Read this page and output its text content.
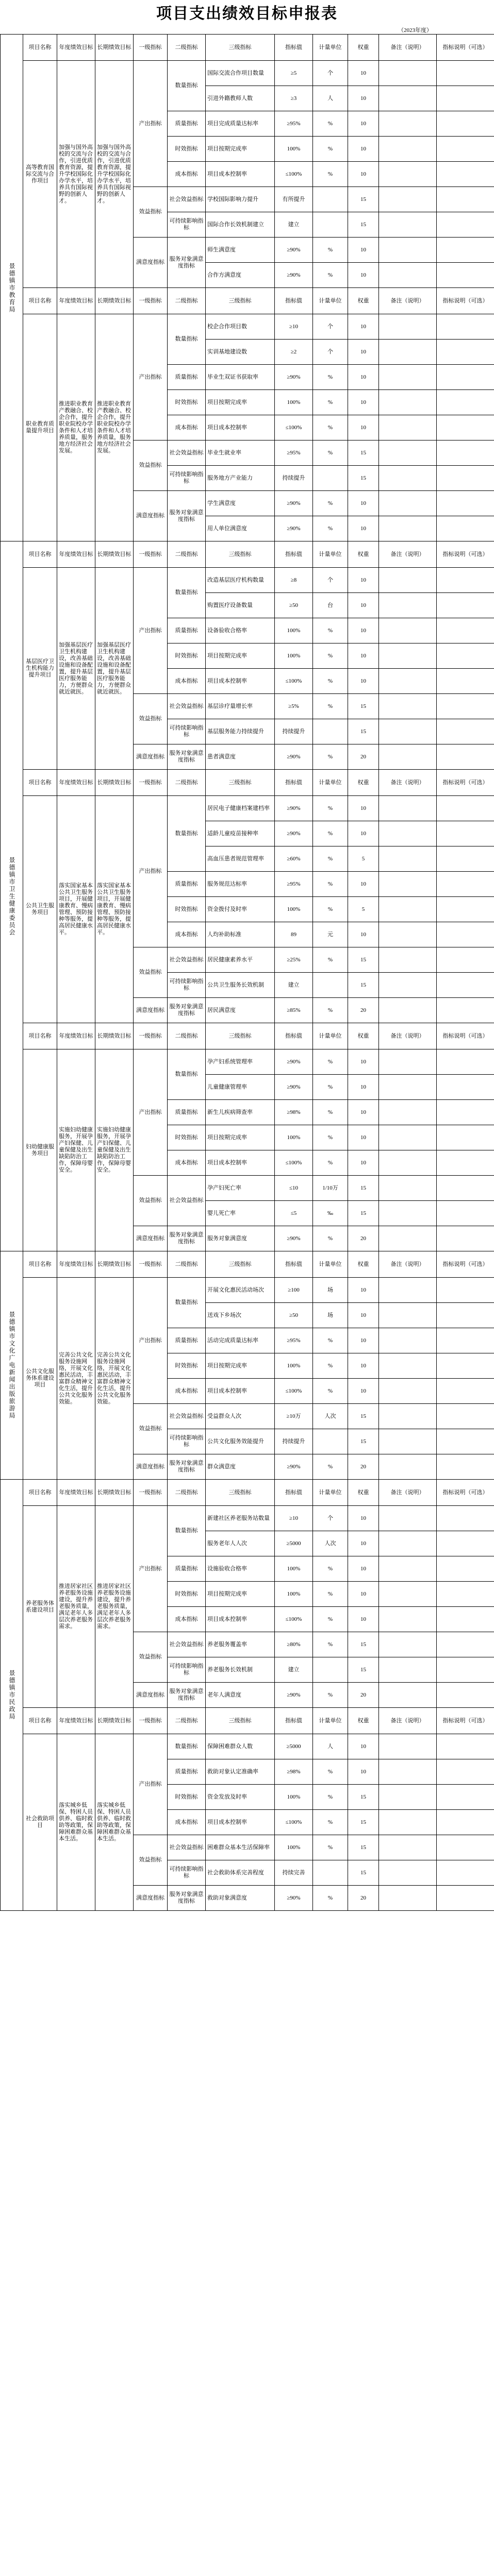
项目支出绩效目标申报表
（2023年度）
景德镇市教育局	项目名称	年度绩效目标	长期绩效目标	一级指标	二级指标	三级指标	指标值	计量单位	权重	备注（说明）	指标说明（可选）
	高等教育国际交流与合作项目	加强与国外高校的交流与合作，引进优质教育资源，提升学校国际化办学水平，培养具有国际视野的创新人才。	加强与国外高校的交流与合作，引进优质教育资源，提升学校国际化办学水平，培养具有国际视野的创新人才。	产出指标	数量指标	国际交流合作项目数量	≥5	个	10		
						引进外籍教师人数	≥3	人	10		
					质量指标	项目完成质量达标率	≥95%	%	10		
					时效指标	项目按期完成率	100%	%	10		
					成本指标	项目成本控制率	≤100%	%	10		
				效益指标	社会效益指标	学校国际影响力提升	有所提升		15		
					可持续影响指标	国际合作长效机制建立	建立		15		
				满意度指标	服务对象满意度指标	师生满意度	≥90%	%	10		
						合作方满意度	≥90%	%	10		
	项目名称	年度绩效目标	长期绩效目标	一级指标	二级指标	三级指标	指标值	计量单位	权重	备注（说明）	指标说明（可选）
	职业教育质量提升项目	推进职业教育产教融合、校企合作，提升职业院校办学条件和人才培养质量，服务地方经济社会发展。	推进职业教育产教融合、校企合作，提升职业院校办学条件和人才培养质量，服务地方经济社会发展。	产出指标	数量指标	校企合作项目数	≥10	个	10		
						实训基地建设数	≥2	个	10		
					质量指标	毕业生双证书获取率	≥90%	%	10		
					时效指标	项目按期完成率	100%	%	10		
					成本指标	项目成本控制率	≤100%	%	10		
				效益指标	社会效益指标	毕业生就业率	≥95%	%	15		
					可持续影响指标	服务地方产业能力	持续提升		15		
				满意度指标	服务对象满意度指标	学生满意度	≥90%	%	10		
						用人单位满意度	≥90%	%	10		
景德镇市卫生健康委员会	项目名称	年度绩效目标	长期绩效目标	一级指标	二级指标	三级指标	指标值	计量单位	权重	备注（说明）	指标说明（可选）
	基层医疗卫生机构能力提升项目	加强基层医疗卫生机构建设，改善基础设施和设备配置，提升基层医疗服务能力，方便群众就近就医。	加强基层医疗卫生机构建设，改善基础设施和设备配置，提升基层医疗服务能力，方便群众就近就医。	产出指标	数量指标	改造基层医疗机构数量	≥8	个	10		
						购置医疗设备数量	≥50	台	10		
					质量指标	设备验收合格率	100%	%	10		
					时效指标	项目按期完成率	100%	%	10		
					成本指标	项目成本控制率	≤100%	%	10		
				效益指标	社会效益指标	基层诊疗量增长率	≥5%	%	15		
					可持续影响指标	基层服务能力持续提升	持续提升		15		
				满意度指标	服务对象满意度指标	患者满意度	≥90%	%	20		
	项目名称	年度绩效目标	长期绩效目标	一级指标	二级指标	三级指标	指标值	计量单位	权重	备注（说明）	指标说明（可选）
	公共卫生服务项目	落实国家基本公共卫生服务项目，开展健康教育、慢病管理、预防接种等服务，提高居民健康水平。	落实国家基本公共卫生服务项目，开展健康教育、慢病管理、预防接种等服务，提高居民健康水平。	产出指标	数量指标	居民电子健康档案建档率	≥90%	%	10		
						适龄儿童疫苗接种率	≥90%	%	10		
						高血压患者规范管理率	≥60%	%	5		
					质量指标	服务规范达标率	≥95%	%	10		
					时效指标	资金拨付及时率	100%	%	5		
					成本指标	人均补助标准	89	元	10		
				效益指标	社会效益指标	居民健康素养水平	≥25%	%	15		
					可持续影响指标	公共卫生服务长效机制	建立		15		
				满意度指标	服务对象满意度指标	居民满意度	≥85%	%	20		
	项目名称	年度绩效目标	长期绩效目标	一级指标	二级指标	三级指标	指标值	计量单位	权重	备注（说明）	指标说明（可选）
	妇幼健康服务项目	实施妇幼健康服务，开展孕产妇保健、儿童保健及出生缺陷防治工作，保障母婴安全。	实施妇幼健康服务，开展孕产妇保健、儿童保健及出生缺陷防治工作，保障母婴安全。	产出指标	数量指标	孕产妇系统管理率	≥90%	%	10		
						儿童健康管理率	≥90%	%	10		
					质量指标	新生儿疾病筛查率	≥98%	%	10		
					时效指标	项目按期完成率	100%	%	10		
					成本指标	项目成本控制率	≤100%	%	10		
				效益指标	社会效益指标	孕产妇死亡率	≤10	1/10万	15		
						婴儿死亡率	≤5	‰	15		
				满意度指标	服务对象满意度指标	服务对象满意度	≥90%	%	20		
景德镇市文化广电新闻出版旅游局	项目名称	年度绩效目标	长期绩效目标	一级指标	二级指标	三级指标	指标值	计量单位	权重	备注（说明）	指标说明（可选）
	公共文化服务体系建设项目	完善公共文化服务设施网络，开展文化惠民活动，丰富群众精神文化生活，提升公共文化服务效能。	完善公共文化服务设施网络，开展文化惠民活动，丰富群众精神文化生活，提升公共文化服务效能。	产出指标	数量指标	开展文化惠民活动场次	≥100	场	10		
						送戏下乡场次	≥50	场	10		
					质量指标	活动完成质量达标率	≥95%	%	10		
					时效指标	项目按期完成率	100%	%	10		
					成本指标	项目成本控制率	≤100%	%	10		
				效益指标	社会效益指标	受益群众人次	≥10万	人次	15		
					可持续影响指标	公共文化服务效能提升	持续提升		15		
				满意度指标	服务对象满意度指标	群众满意度	≥90%	%	20		
景德镇市民政局	项目名称	年度绩效目标	长期绩效目标	一级指标	二级指标	三级指标	指标值	计量单位	权重	备注（说明）	指标说明（可选）
	养老服务体系建设项目	推进居家社区养老服务设施建设，提升养老服务质量，满足老年人多层次养老服务需求。	推进居家社区养老服务设施建设，提升养老服务质量，满足老年人多层次养老服务需求。	产出指标	数量指标	新建社区养老服务站数量	≥10	个	10		
						服务老年人人次	≥5000	人次	10		
					质量指标	设施验收合格率	100%	%	10		
					时效指标	项目按期完成率	100%	%	10		
					成本指标	项目成本控制率	≤100%	%	10		
				效益指标	社会效益指标	养老服务覆盖率	≥80%	%	15		
					可持续影响指标	养老服务长效机制	建立		15		
				满意度指标	服务对象满意度指标	老年人满意度	≥90%	%	20		
	项目名称	年度绩效目标	长期绩效目标	一级指标	二级指标	三级指标	指标值	计量单位	权重	备注（说明）	指标说明（可选）
	社会救助项目	落实城乡低保、特困人员供养、临时救助等政策，保障困难群众基本生活。	落实城乡低保、特困人员供养、临时救助等政策，保障困难群众基本生活。	产出指标	数量指标	保障困难群众人数	≥5000	人	10		
					质量指标	救助对象认定准确率	≥98%	%	10		
					时效指标	资金发放及时率	100%	%	15		
					成本指标	项目成本控制率	≤100%	%	15		
				效益指标	社会效益指标	困难群众基本生活保障率	100%	%	15		
					可持续影响指标	社会救助体系完善程度	持续完善		15		
				满意度指标	服务对象满意度指标	救助对象满意度	≥90%	%	20		
